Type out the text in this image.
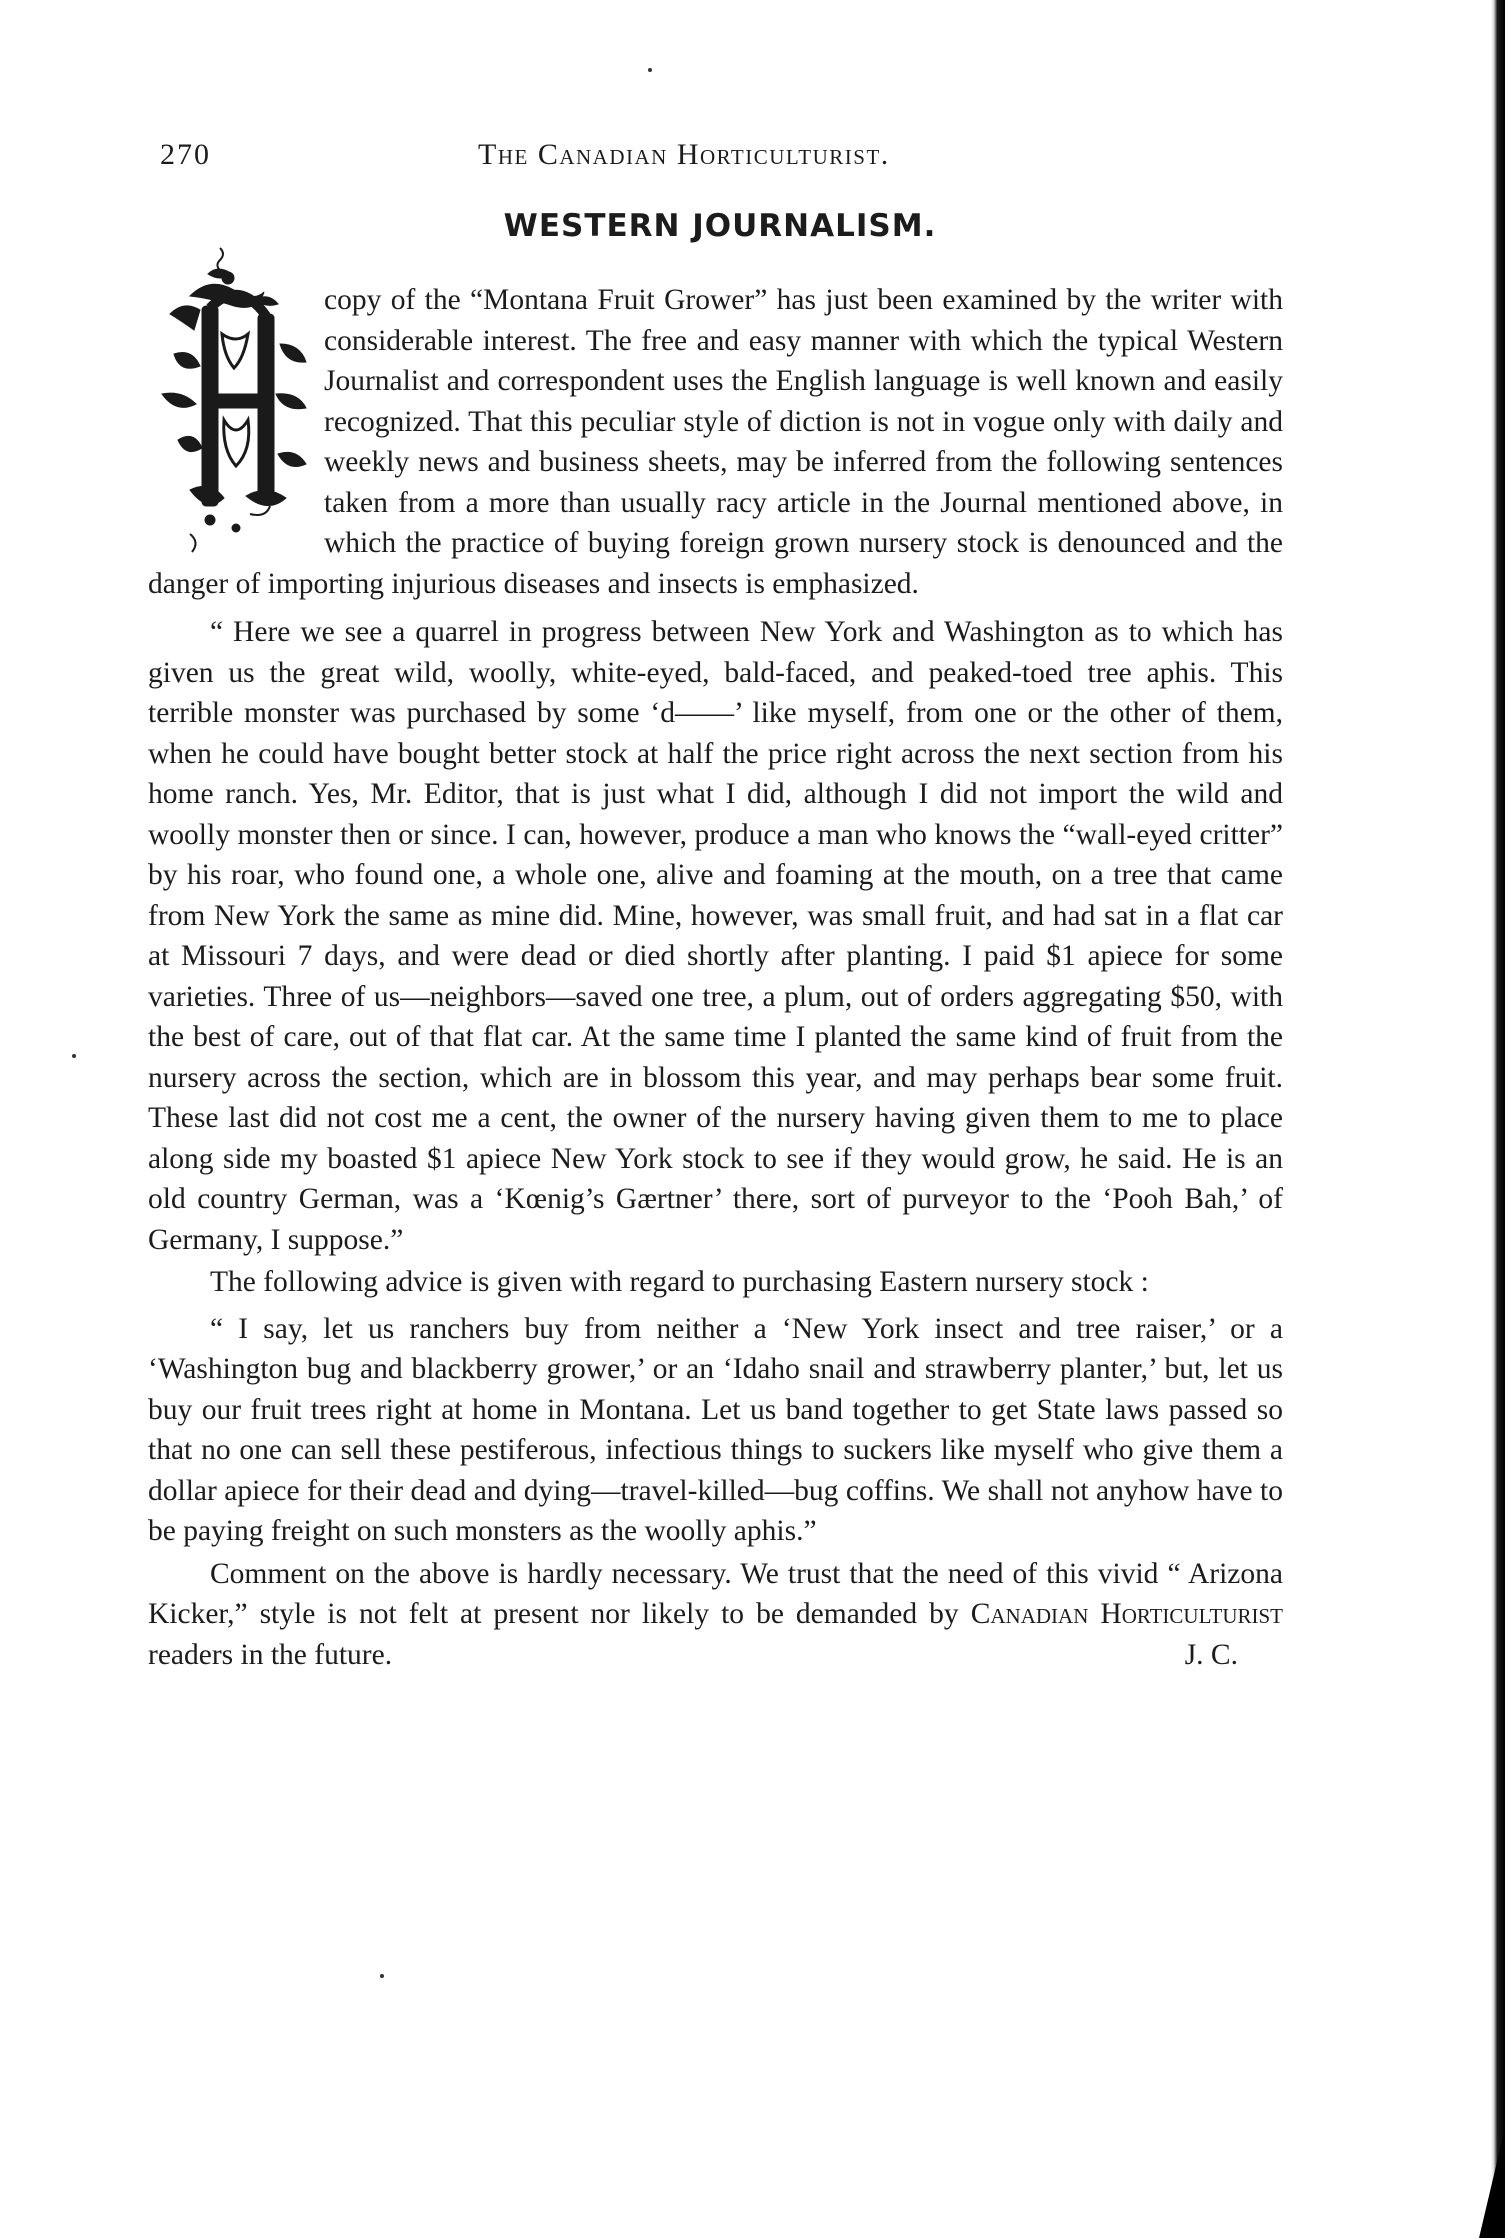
270	The Canadian Horticulturist.
WESTERN JOURNALISM.

copy of the “Montana Fruit Grower” has just been examined by the writer with considerable interest. The free and easy manner with which the typical Western Journalist and correspondent uses the English language is well known and easily recognized. That this peculiar style of diction is not in vogue only with daily and weekly news and business sheets, may be inferred from the following sentences taken from a more than usually racy article in the Journal mentioned above, in which the practice of buying foreign grown nursery stock is denounced and the danger of importing injurious diseases and insects is emphasized.

“ Here we see a quarrel in progress between New York and Washington as to which has given us the great wild, woolly, white-eyed, bald-faced, and peaked-toed tree aphis. This terrible monster was purchased by some ‘d——’ like myself, from one or the other of them, when he could have bought better stock at half the price right across the next section from his home ranch. Yes, Mr. Editor, that is just what I did, although I did not import the wild and woolly monster then or since. I can, however, produce a man who knows the “wall-eyed critter” by his roar, who found one, a whole one, alive and foaming at the mouth, on a tree that came from New York the same as mine did. Mine, however, was small fruit, and had sat in a flat car at Missouri 7 days, and were dead or died shortly after planting. I paid $1 apiece for some varieties. Three of us—neighbors—saved one tree, a plum, out of orders aggregating $50, with the best of care, out of that flat car. At the same time I planted the same kind of fruit from the nursery across the section, which are in blossom this year, and may perhaps bear some fruit. These last did not cost me a cent, the owner of the nursery having given them to me to place along side my boasted $1 apiece New York stock to see if they would grow, he said. He is an old country German, was a ‘Kœnig’s Gærtner’ there, sort of purveyor to the ‘Pooh Bah,’ of Germany, I suppose.”

The following advice is given with regard to purchasing Eastern nursery stock :

“ I say, let us ranchers buy from neither a ‘New York insect and tree raiser,’ or a ‘Washington bug and blackberry grower,’ or an ‘Idaho snail and strawberry planter,’ but, let us buy our fruit trees right at home in Montana. Let us band together to get State laws passed so that no one can sell these pestiferous, infectious things to suckers like myself who give them a dollar apiece for their dead and dying—travel-killed—bug coffins. We shall not anyhow have to be paying freight on such monsters as the woolly aphis.”

Comment on the above is hardly necessary. We trust that the need of this vivid “ Arizona Kicker,” style is not felt at present nor likely to be demanded by Canadian Horticulturist readers in the future.	J. C.
